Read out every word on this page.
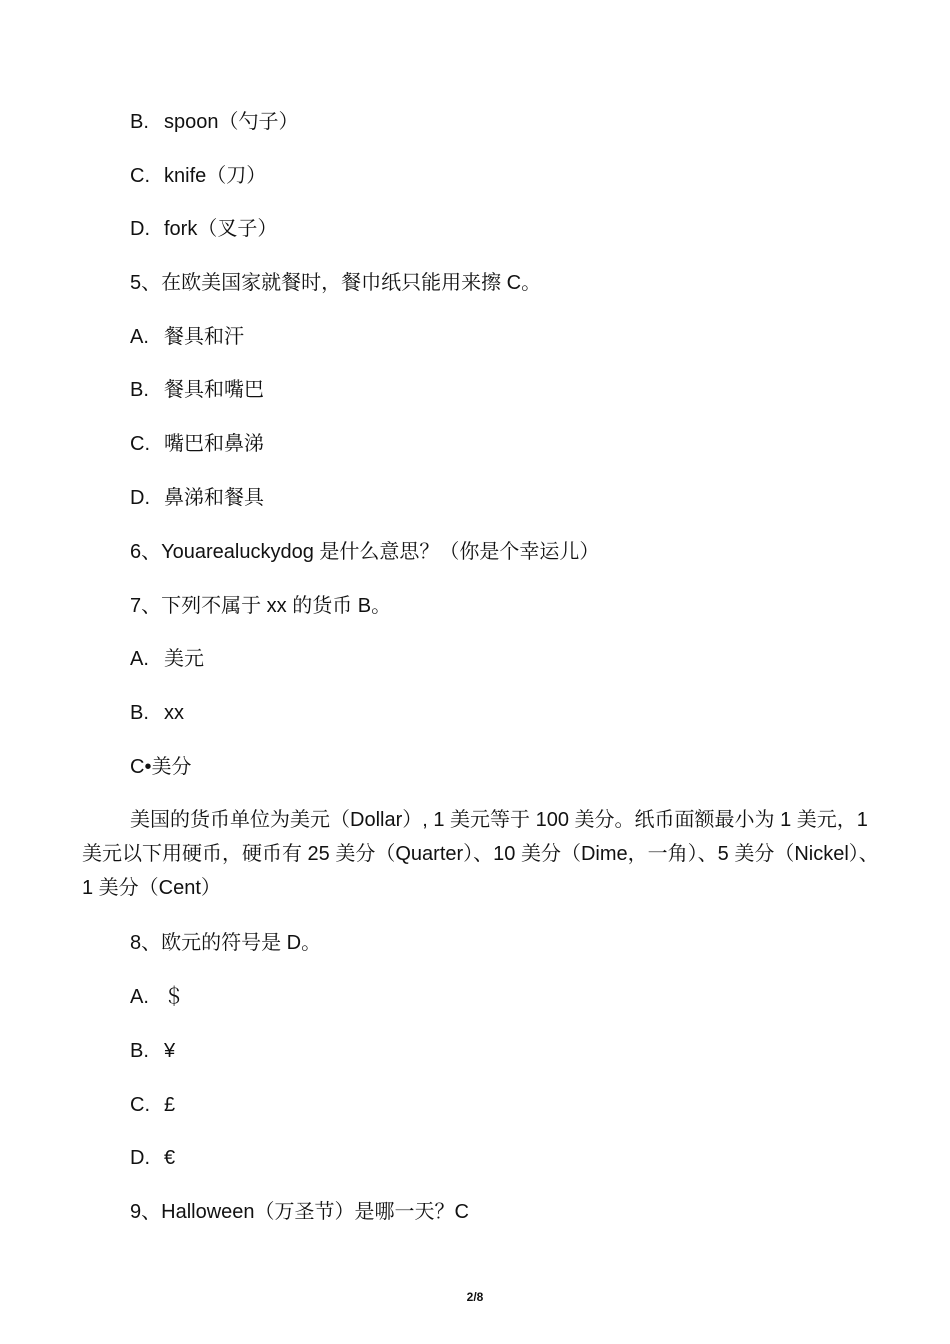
B. spoon（勺子）
C. knife（刀）
D. fork（叉子）
5、在欧美国家就餐时，餐巾纸只能用来擦 C。
A. 餐具和汗
B. 餐具和嘴巴
C. 嘴巴和鼻涕
D. 鼻涕和餐具
6、Youarealuckydog 是什么意思？（你是个幸运儿）
7、下列不属于 xx 的货币 B。
A. 美元
B. xx
C•美分
美国的货币单位为美元（Dollar）, 1 美元等于 100 美分。纸币面额最小为 1 美元，1 美元以下用硬币，硬币有 25 美分（Quarter）、10 美分（Dime，一角）、5 美分（Nickel）、1 美分（Cent）
8、欧元的符号是 D。
A. ＄
B. ¥
C. £
D. €
9、Halloween（万圣节）是哪一天？C
2/8
